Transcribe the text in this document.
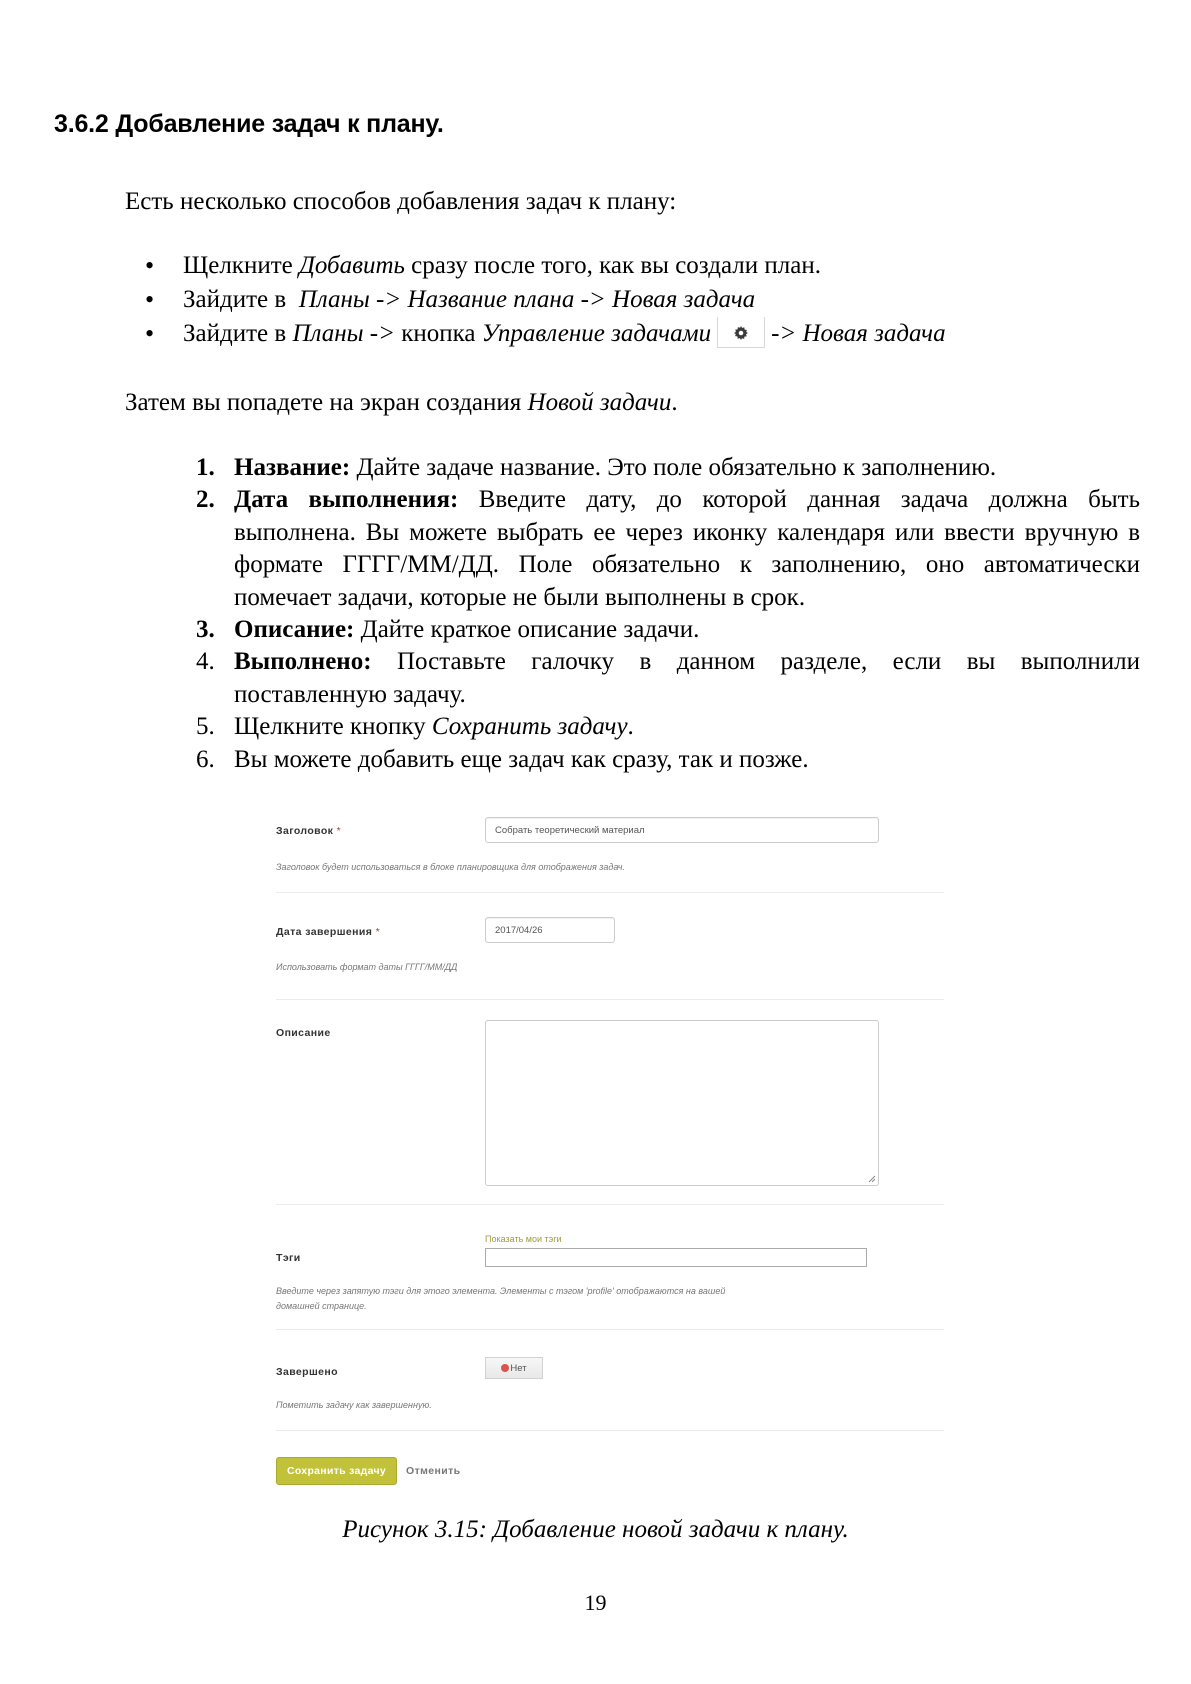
3.6.2 Добавление задач к плану.
Есть несколько способов добавления задач к плану:
• Щелкните Добавить сразу после того, как вы создали план.
• Зайдите в  Планы -> Название плана -> Новая задача
• Зайдите в Планы -> кнопка Управление задачами -> Новая задача
Затем вы попадете на экран создания Новой задачи.
1. Название: Дайте задаче название. Это поле обязательно к заполнению.
2. Дата выполнения: Введите дату, до которой данная задача должна быть выполнена. Вы можете выбрать ее через иконку календаря или ввести вручную в формате ГГГГ/ММ/ДД. Поле обязательно к заполнению, оно автоматически помечает задачи, которые не были выполнены в срок.
3. Описание: Дайте краткое описание задачи.
4. Выполнено: Поставьте галочку в данном разделе, если вы выполнили поставленную задачу.
5. Щелкните кнопку Сохранить задачу.
6. Вы можете добавить еще задач как сразу, так и позже.
Заголовок *	Собрать теоретический материал
Заголовок будет использоваться в блоке планировщика для отображения задач.
Дата завершения *	2017/04/26
Использовать формат даты ГГГГ/ММ/ДД
Описание
Показать мои тэги
Тэги
Введите через запятую тэги для этого элемента. Элементы с тэгом 'profile' отображаются на вашей
домашней странице.
Завершено	Нет
Пометить задачу как завершенную.
Сохранить задачу	Отменить
Рисунок 3.15: Добавление новой задачи к плану.
19
